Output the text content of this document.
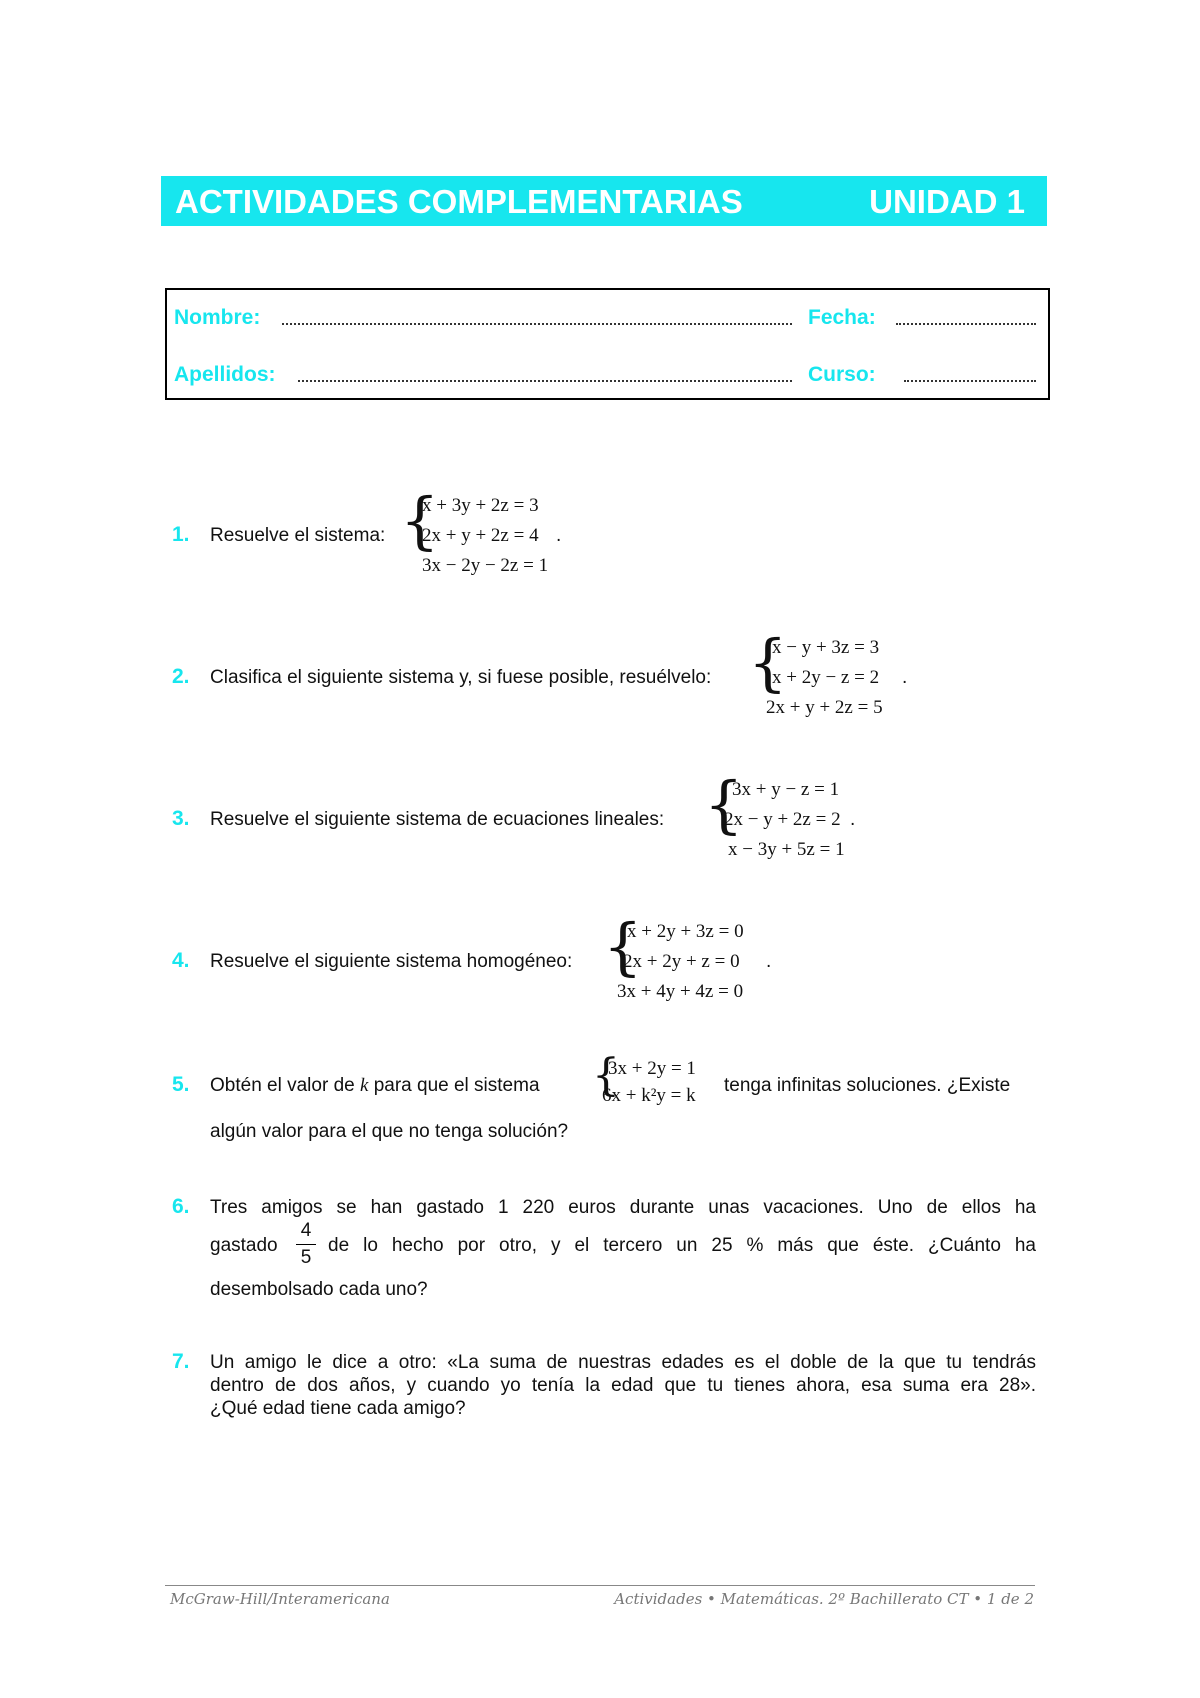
ACTIVIDADES COMPLEMENTARIAS	UNIDAD 1
Nombre:	Fecha:
Apellidos:	Curso:
1. Resuelve el sistema: {
x + 3y + 2z = 3
2x + y + 2z = 4
3x − 2y − 2z = 1
.
2. Clasifica el siguiente sistema y, si fuese posible, resuélvelo: {
x − y + 3z = 3
x + 2y − z = 2
2x + y + 2z = 5
.
3. Resuelve el siguiente sistema de ecuaciones lineales: {
3x + y − z = 1
2x − y + 2z = 2
x − 3y + 5z = 1
.
4. Resuelve el siguiente sistema homogéneo: {
x + 2y + 3z = 0
2x + 2y + z = 0
3x + 4y + 4z = 0
.
5. Obtén el valor de k para que el sistema {
3x + 2y = 1
6x + k²y = k tenga infinitas soluciones. ¿Existe
algún valor para el que no tenga solución?
6. Tres amigos se han gastado 1 220 euros durante unas vacaciones. Uno de ellos ha
gastado
4
5
de lo hecho por otro, y el tercero un 25 % más que éste. ¿Cuánto ha
desembolsado cada uno?
7. Un amigo le dice a otro: «La suma de nuestras edades es el doble de la que tu tendrás
dentro de dos años, y cuando yo tenía la edad que tu tienes ahora, esa suma era 28».
¿Qué edad tiene cada amigo?
McGraw-Hill/Interamericana	Actividades • Matemáticas. 2º Bachillerato CT • 1 de 2
